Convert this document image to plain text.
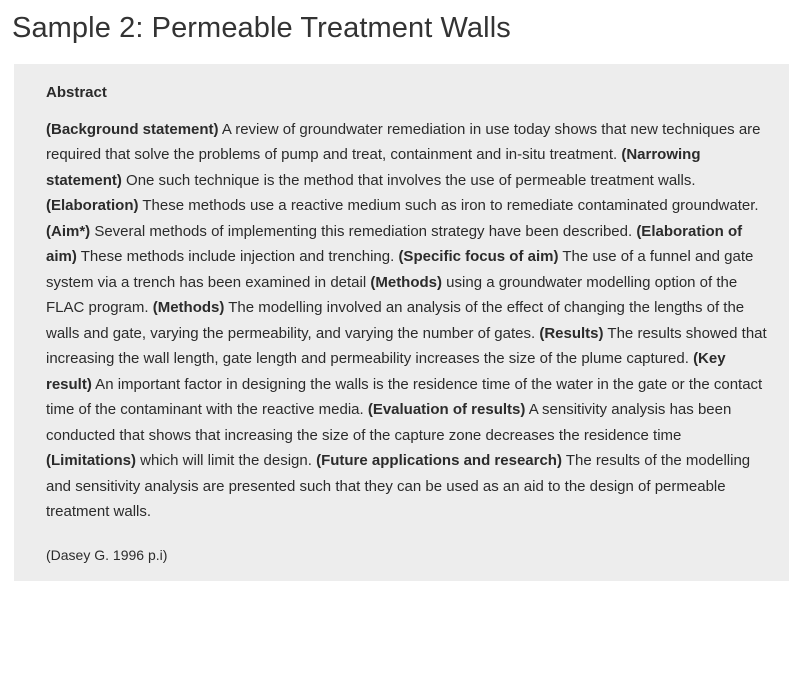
Sample 2: Permeable Treatment Walls
Abstract

(Background statement) A review of groundwater remediation in use today shows that new techniques are required that solve the problems of pump and treat, containment and in-situ treatment. (Narrowing statement) One such technique is the method that involves the use of permeable treatment walls. (Elaboration) These methods use a reactive medium such as iron to remediate contaminated groundwater. (Aim*) Several methods of implementing this remediation strategy have been described. (Elaboration of aim) These methods include injection and trenching. (Specific focus of aim) The use of a funnel and gate system via a trench has been examined in detail (Methods) using a groundwater modelling option of the FLAC program. (Methods) The modelling involved an analysis of the effect of changing the lengths of the walls and gate, varying the permeability, and varying the number of gates. (Results) The results showed that increasing the wall length, gate length and permeability increases the size of the plume captured. (Key result) An important factor in designing the walls is the residence time of the water in the gate or the contact time of the contaminant with the reactive media. (Evaluation of results) A sensitivity analysis has been conducted that shows that increasing the size of the capture zone decreases the residence time (Limitations) which will limit the design. (Future applications and research) The results of the modelling and sensitivity analysis are presented such that they can be used as an aid to the design of permeable treatment walls.

(Dasey G. 1996 p.i)
